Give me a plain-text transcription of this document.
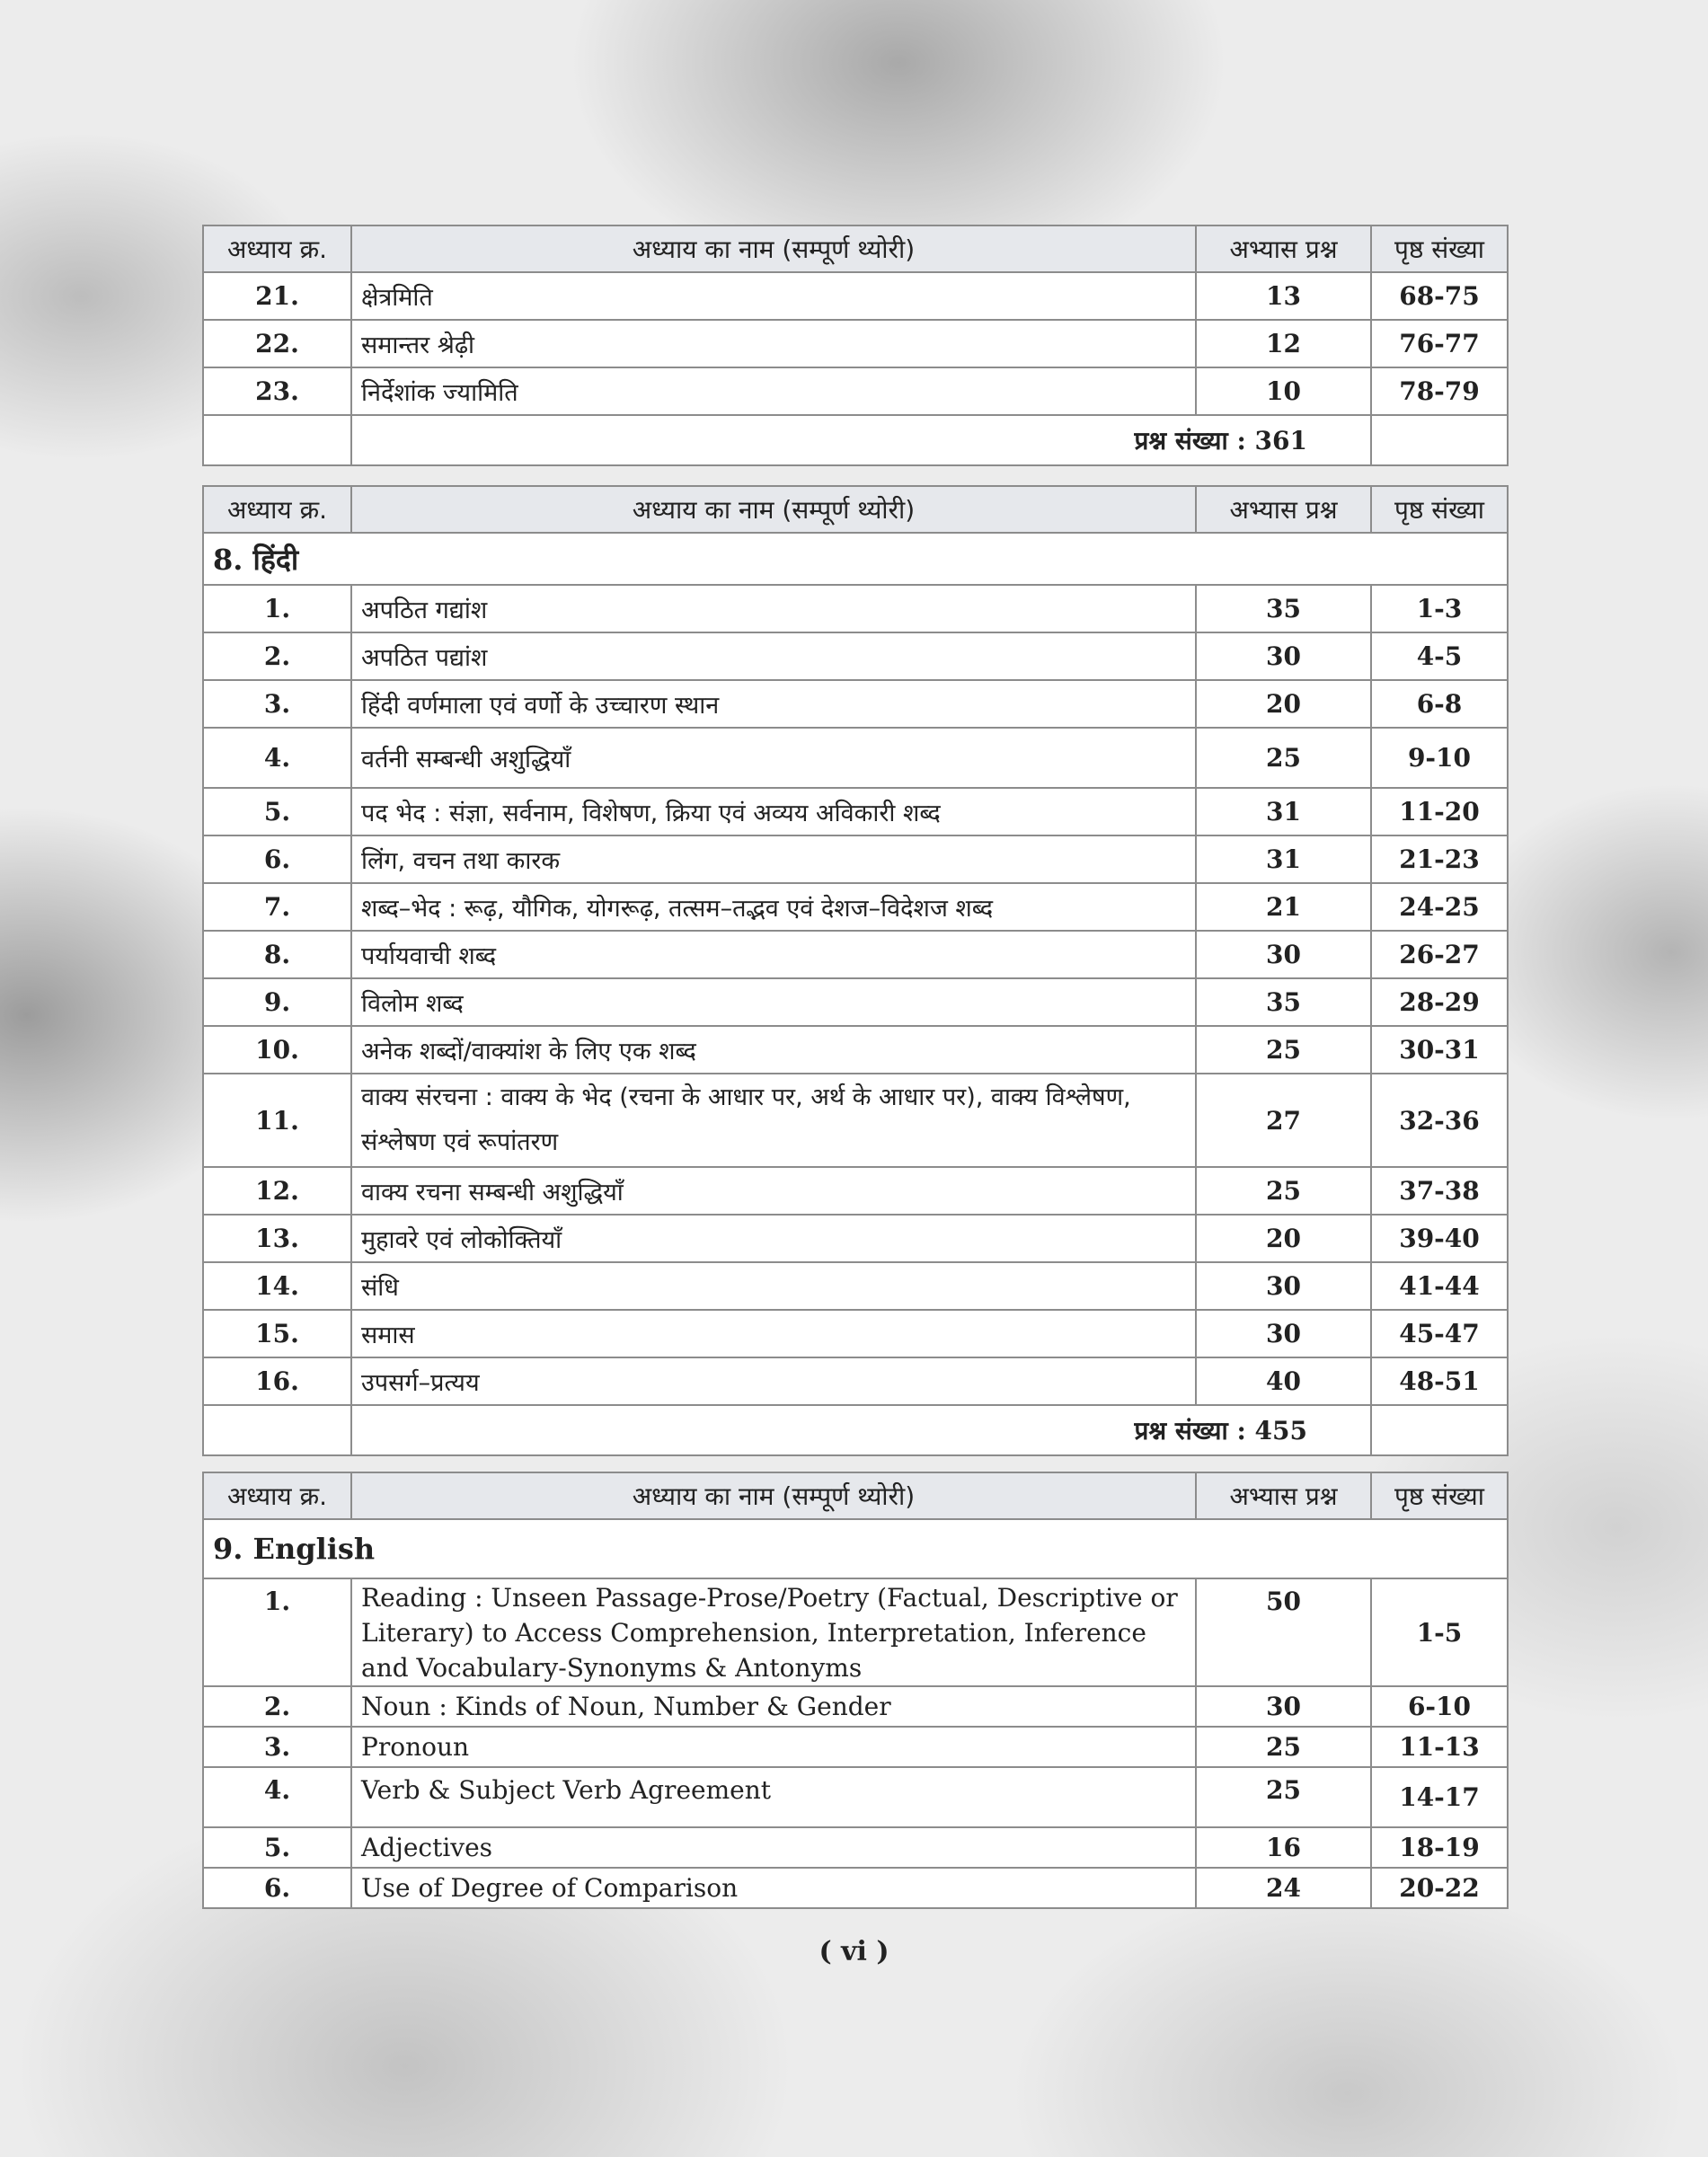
अध्याय क्र.	अध्याय का नाम (सम्पूर्ण थ्योरी)	अभ्यास प्रश्न	पृष्ठ संख्या
21.	क्षेत्रमिति	13	68-75
22.	समान्तर श्रेढ़ी	12	76-77
23.	निर्देशांक ज्यामिति	10	78-79
	प्रश्न संख्या : 361		
अध्याय क्र.	अध्याय का नाम (सम्पूर्ण थ्योरी)	अभ्यास प्रश्न	पृष्ठ संख्या
8. हिंदी			
1.	अपठित गद्यांश	35	1-3
2.	अपठित पद्यांश	30	4-5
3.	हिंदी वर्णमाला एवं वर्णो के उच्चारण स्थान	20	6-8
4.	वर्तनी सम्बन्धी अशुद्धियाँ	25	9-10
5.	पद भेद : संज्ञा, सर्वनाम, विशेषण, क्रिया एवं अव्यय अविकारी शब्द	31	11-20
6.	लिंग, वचन तथा कारक	31	21-23
7.	शब्द–भेद : रूढ़, यौगिक, योगरूढ़, तत्सम–तद्भव एवं देशज–विदेशज शब्द	21	24-25
8.	पर्यायवाची शब्द	30	26-27
9.	विलोम शब्द	35	28-29
10.	अनेक शब्दों/वाक्यांश के लिए एक शब्द	25	30-31
11.	वाक्य संरचना : वाक्य के भेद (रचना के आधार पर, अर्थ के आधार पर), वाक्य विश्लेषण, संश्लेषण एवं रूपांतरण	27	32-36
12.	वाक्य रचना सम्बन्धी अशुद्धियाँ	25	37-38
13.	मुहावरे एवं लोकोक्तियाँ	20	39-40
14.	संधि	30	41-44
15.	समास	30	45-47
16.	उपसर्ग–प्रत्यय	40	48-51
	प्रश्न संख्या : 455		
अध्याय क्र.	अध्याय का नाम (सम्पूर्ण थ्योरी)	अभ्यास प्रश्न	पृष्ठ संख्या
9. English			
1.	Reading : Unseen Passage-Prose/Poetry (Factual, Descriptive or Literary) to Access Comprehension, Interpretation, Inference and Vocabulary-Synonyms & Antonyms	50	1-5
2.	Noun : Kinds of Noun, Number & Gender	30	6-10
3.	Pronoun	25	11-13
4.	Verb & Subject Verb Agreement	25	14-17
5.	Adjectives	16	18-19
6.	Use of Degree of Comparison	24	20-22
( vi )
